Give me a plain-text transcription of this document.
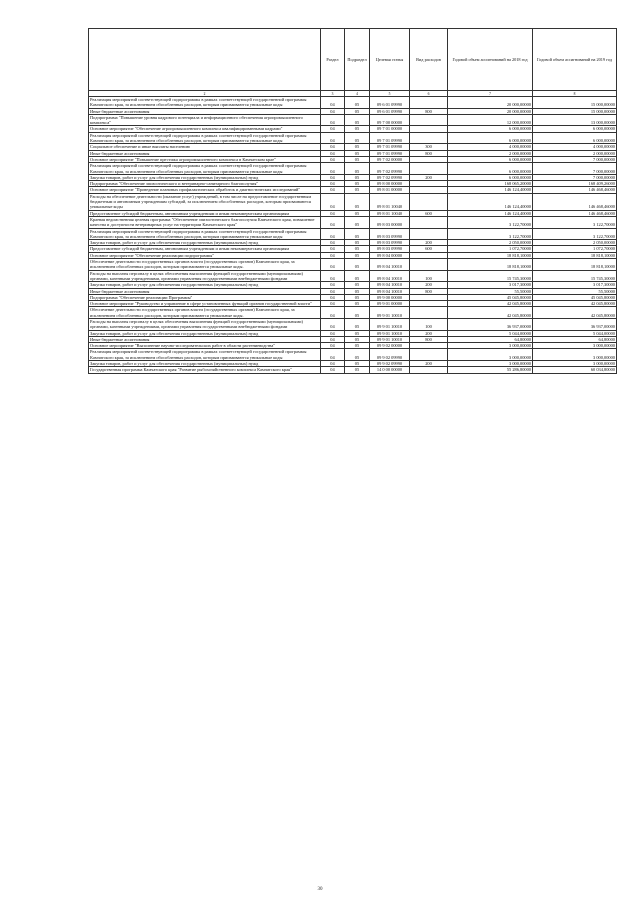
		Раздел	Подраздел	Целевая статья	Вид расходов	Годовой объем ассигнований на 2018 год	Годовой объем ассигнований на 2019 год
	2	3	4	5	6	7	8
	Реализация мероприятий соответствующей подпрограммы в рамках соответствующей государственной программы Камчатского края, за исключением обособленных расходов, которым присваиваются уникальные коды	04	05	09 6 01 09990		20 000,00000	15 000,00000
	Иные бюджетные ассигнования	04	05	09 6 01 09990	800	20 000,00000	15 000,00000
	Подпрограмма "Повышение уровня кадрового потенциала и информационного обеспечения агропромышленного комплекса"	04	05	09 7 00 00000		12 000,00000	13 000,00000
	Основное мероприятие "Обеспечение агропромышленного комплекса квалифицированными кадрами"	04	05	09 7 01 00000		6 000,00000	6 000,00000
	Реализация мероприятий соответствующей подпрограммы в рамках соответствующей государственной программы Камчатского края, за исключением обособленных расходов, которым присваиваются уникальные коды	04	05	09 7 01 09990		6 000,00000	6 000,00000
	Социальное обеспечение и иные выплаты населению	04	05	09 7 01 09990	300	4 000,00000	4 000,00000
	Иные бюджетные ассигнования	04	05	09 7 01 09990	800	2 000,00000	2 000,00000
	Основное мероприятие "Повышение престижа агропромышленного комплекса в Камчатском крае"	04	05	09 7 02 00000		6 000,00000	7 000,00000
	Реализация мероприятий соответствующей подпрограммы в рамках соответствующей государственной программы Камчатского края, за исключением обособленных расходов, которым присваиваются уникальные коды	04	05	09 7 02 09990		6 000,00000	7 000,00000
	Закупка товаров, работ и услуг для обеспечения государственных (муниципальных) нужд	04	05	09 7 02 09990	200	6 000,00000	7 000,00000
	Подпрограмма "Обеспечение эпизоотического и ветеринарно-санитарного благополучия"	04	05	09 8 00 00000		168 065,20000	168 409,26000
	Основное мероприятие "Проведение плановых профилактических обработок и диагностических исследований"	04	05	09 8 01 00000		146 124,40000	146 468,46000
	Расходы на обеспечение деятельности (оказание услуг) учреждений, в том числе на предоставление государственным бюджетным и автономным учреждениям субсидий, за исключением обособленных расходов, которым присваиваются уникальные коды	04	05	09 8 01 10040		146 124,40000	146 468,46000
	Предоставление субсидий бюджетным, автономным учреждениям и иным некоммерческим организациям	04	05	09 8 01 10040	600	146 124,40000	146 468,46000
	Краевая ведомственная целевая программа "Обеспечение эпизоотического благополучия Камчатского края, повышение качества и доступности ветеринарных услуг на территории Камчатского края"	04	05	09 8 03 00000		3 122,70000	3 122,70000
	Реализация мероприятий соответствующей подпрограммы в рамках соответствующей государственной программы Камчатского края, за исключением обособленных расходов, которым присваиваются уникальные коды	04	05	09 8 03 09990		3 122,70000	3 122,70000
	Закупка товаров, работ и услуг для обеспечения государственных (муниципальных) нужд	04	05	09 8 03 09990	200	2 050,00000	2 050,00000
	Предоставление субсидий бюджетным, автономным учреждениям и иным некоммерческим организациям	04	05	09 8 03 09990	600	1 072,70000	1 072,70000
	Основное мероприятие "Обеспечение реализации подпрограммы"	04	05	09 8 04 00000		18 818,10000	18 818,10000
	Обеспечение деятельности государственных органов власти (государственных органов) Камчатского края, за исключением обособленных расходов, которым присваиваются уникальные коды.	04	05	09 8 04 10010		18 818,10000	18 818,10000
	Расходы на выплаты персоналу в целях обеспечения выполнения функций государственными (муниципальными) органами, казенными учреждениями, органами управления государственными внебюджетными фондами	04	05	09 8 04 10010	100	15 745,30000	15 745,30000
	Закупка товаров, работ и услуг для обеспечения государственных (муниципальных) нужд	04	05	09 8 04 10010	200	3 017,30000	3 017,30000
	Иные бюджетные ассигнования	04	05	09 8 04 10010	800	55,50000	55,50000
	Подпрограмма "Обеспечение реализации Программы"	04	05	09 9 00 00000		45 045,80000	45 045,80000
	Основное мероприятие "Руководство и управление в сфере установленных функций органов государственной власти"	04	05	09 9 01 00000		42 045,80000	42 045,80000
	Обеспечение деятельности государственных органов власти (государственных органов) Камчатского края, за исключением обособленных расходов, которым присваиваются уникальные коды.	04	05	09 9 01 10010		42 045,80000	42 045,80000
	Расходы на выплаты персоналу в целях обеспечения выполнения функций государственными (муниципальными) органами, казенными учреждениями, органами управления государственными внебюджетными фондами	04	05	09 9 01 10010	100	36 937,00000	36 937,00000
	Закупка товаров, работ и услуг для обеспечения государственных (муниципальных) нужд	04	05	09 9 01 10010	200	5 044,00000	5 044,00000
	Иные бюджетные ассигнования	04	05	09 9 01 10010	800	64,80000	64,80000
	Основное мероприятие "Выполнение научно-исследовательских работ в области растениеводства"	04	05	09 9 02 00000		3 000,00000	3 000,00000
	Реализация мероприятий соответствующей подпрограммы в рамках соответствующей государственной программы Камчатского края, за исключением обособленных расходов, которым присваиваются уникальные коды	04	05	09 9 02 09990		3 000,00000	3 000,00000
	Закупка товаров, работ и услуг для обеспечения государственных (муниципальных) нужд	04	05	09 9 02 09990	200	3 000,00000	3 000,00000
	Государственная программа Камчатского края "Развитие рыбохозяйственного комплекса Камчатского края"	04	05	14 0 00 00000		55 286,80000	60 034,80000
30
